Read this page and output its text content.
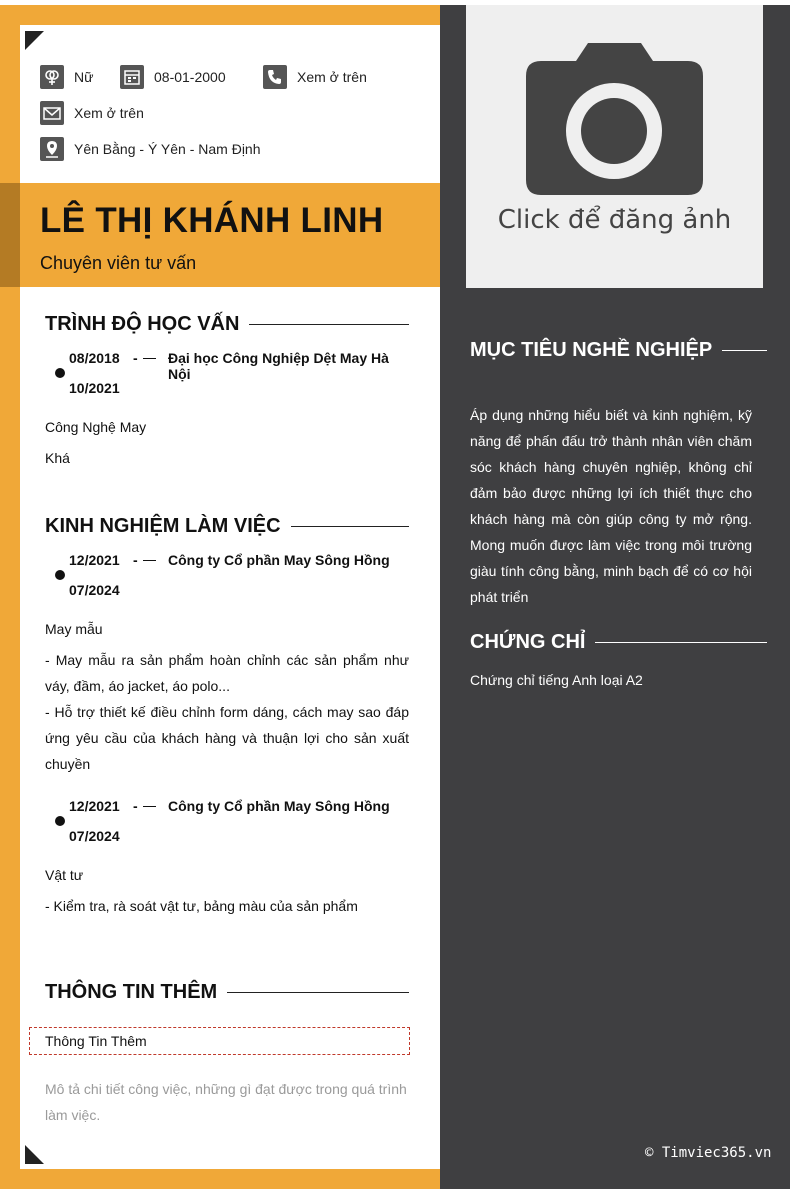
Click để đăng ảnh
Nữ	08-01-2000	Xem ở trên
Xem ở trên
Yên Bằng - Ý Yên - Nam Định
LÊ THỊ KHÁNH LINH
Chuyên viên tư vấn
TRÌNH ĐỘ HỌC VẤN
08/2018 - Đại học Công Nghiệp Dệt May Hà Nội
10/2021
Công Nghệ May
Khá
KINH NGHIỆM LÀM VIỆC
12/2021 - Công ty Cổ phần May Sông Hồng
07/2024
May mẫu
- May mẫu ra sản phẩm hoàn chỉnh các sản phẩm như váy, đầm, áo jacket, áo polo...
- Hỗ trợ thiết kế điều chỉnh form dáng, cách may sao đáp ứng yêu cầu của khách hàng và thuận lợi cho sản xuất chuyền
12/2021 - Công ty Cổ phần May Sông Hồng
07/2024
Vật tư
- Kiểm tra, rà soát vật tư, bảng màu của sản phẩm
THÔNG TIN THÊM
Thông Tin Thêm
Mô tả chi tiết công việc, những gì đạt được trong quá trình làm việc.
MỤC TIÊU NGHỀ NGHIỆP
Áp dụng những hiểu biết và kinh nghiệm, kỹ năng để phấn đấu trở thành nhân viên chăm sóc khách hàng chuyên nghiệp, không chỉ đảm bảo được những lợi ích thiết thực cho khách hàng mà còn giúp công ty mở rộng. Mong muốn được làm việc trong môi trường giàu tính công bằng, minh bạch để có cơ hội phát triển
CHỨNG CHỈ
Chứng chỉ tiếng Anh loại A2
© Timviec365.vn
